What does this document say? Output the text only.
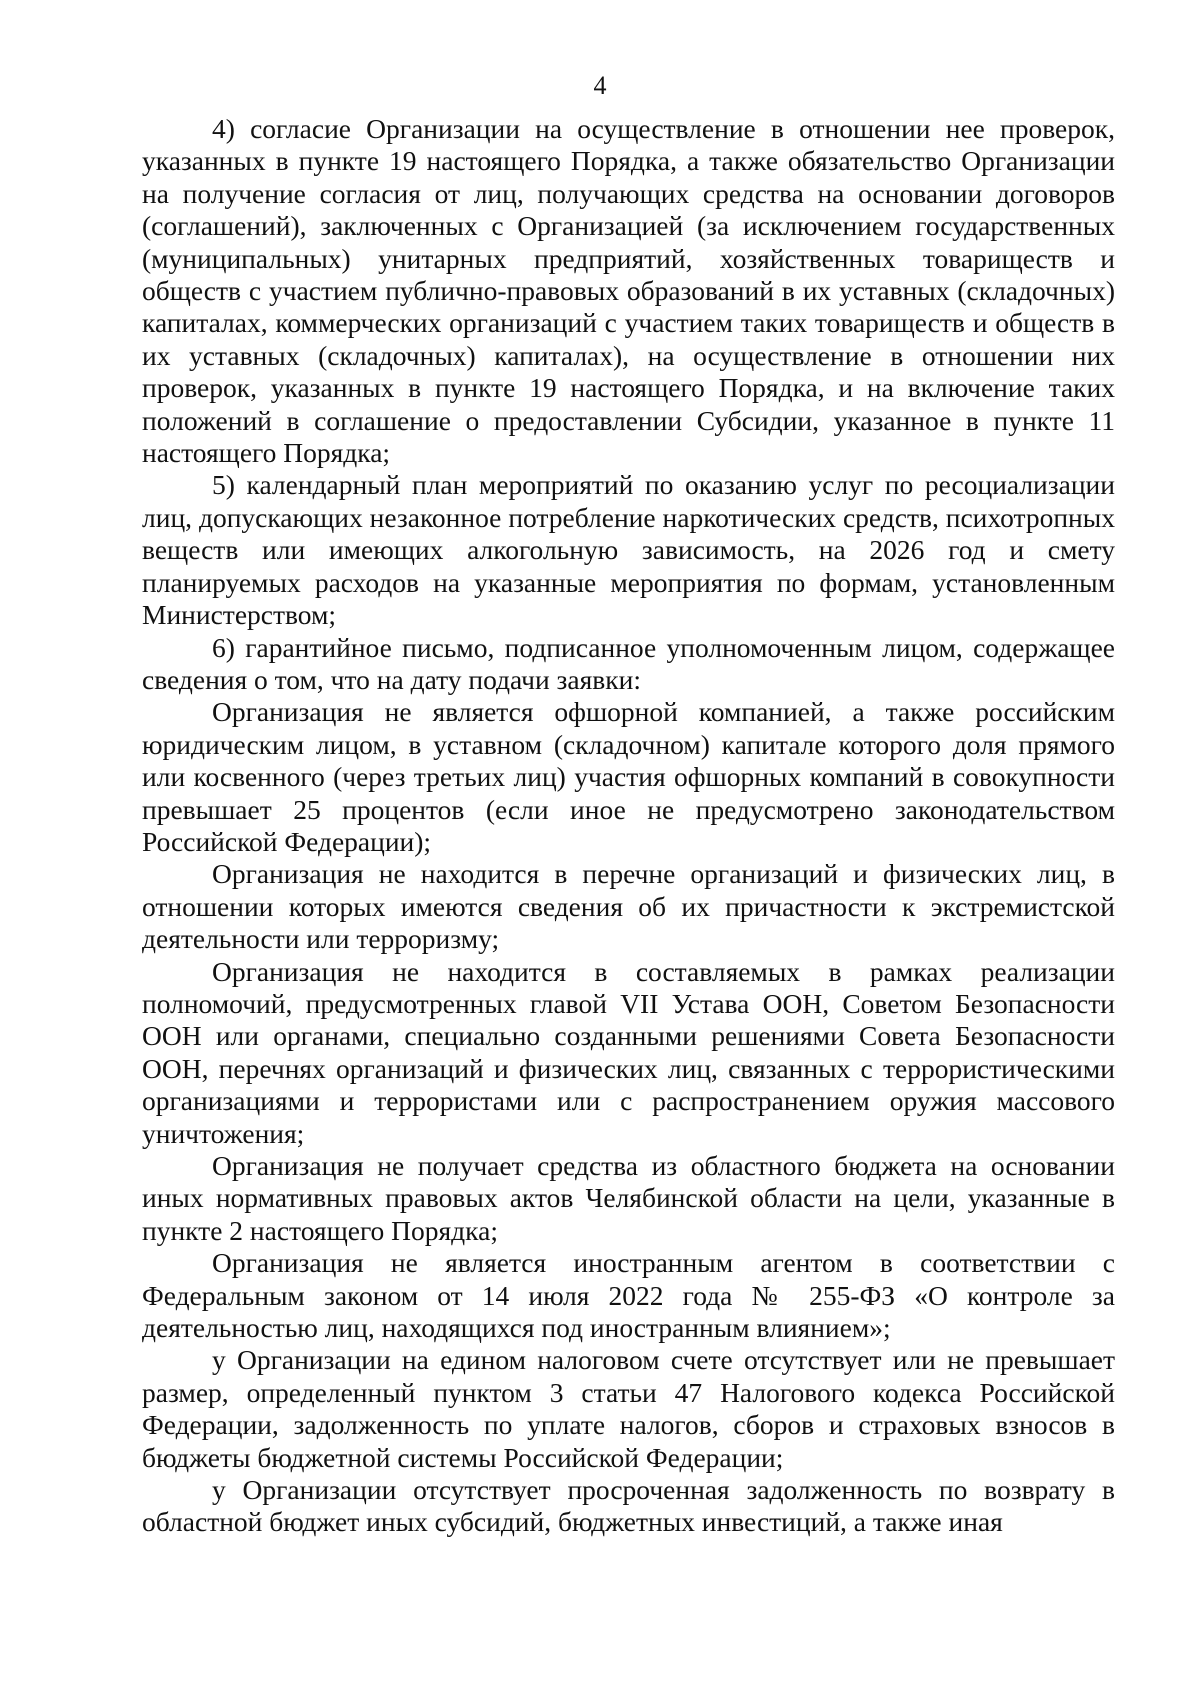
4

4) согласие Организации на осуществление в отношении нее проверок, указанных в пункте 19 настоящего Порядка, а также обязательство Организации на получение согласия от лиц, получающих средства на основании договоров (соглашений), заключенных с Организацией (за исключением государственных (муниципальных) унитарных предприятий, хозяйственных товариществ и обществ с участием публично-правовых образований в их уставных (складочных) капиталах, коммерческих организаций с участием таких товариществ и обществ в их уставных (складочных) капиталах), на осуществление в отношении них проверок, указанных в пункте 19 настоящего Порядка, и на включение таких положений в соглашение о предоставлении Субсидии, указанное в пункте 11 настоящего Порядка;

5) календарный план мероприятий по оказанию услуг по ресоциализации лиц, допускающих незаконное потребление наркотических средств, психотропных веществ или имеющих алкогольную зависимость, на 2026 год и смету планируемых расходов на указанные мероприятия по формам, установленным Министерством;

6) гарантийное письмо, подписанное уполномоченным лицом, содержащее сведения о том, что на дату подачи заявки:

Организация не является офшорной компанией, а также российским юридическим лицом, в уставном (складочном) капитале которого доля прямого или косвенного (через третьих лиц) участия офшорных компаний в совокупности превышает 25 процентов (если иное не предусмотрено законодательством Российской Федерации);

Организация не находится в перечне организаций и физических лиц, в отношении которых имеются сведения об их причастности к экстремистской деятельности или терроризму;

Организация не находится в составляемых в рамках реализации полномочий, предусмотренных главой VII Устава ООН, Советом Безопасности ООН или органами, специально созданными решениями Совета Безопасности ООН, перечнях организаций и физических лиц, связанных с террористическими организациями и террористами или с распространением оружия массового уничтожения;

Организация не получает средства из областного бюджета на основании иных нормативных правовых актов Челябинской области на цели, указанные в пункте 2 настоящего Порядка;

Организация не является иностранным агентом в соответствии с Федеральным законом от 14 июля 2022 года № 255-ФЗ «О контроле за деятельностью лиц, находящихся под иностранным влиянием»;

у Организации на едином налоговом счете отсутствует или не превышает размер, определенный пунктом 3 статьи 47 Налогового кодекса Российской Федерации, задолженность по уплате налогов, сборов и страховых взносов в бюджеты бюджетной системы Российской Федерации;

у Организации отсутствует просроченная задолженность по возврату в областной бюджет иных субсидий, бюджетных инвестиций, а также иная
